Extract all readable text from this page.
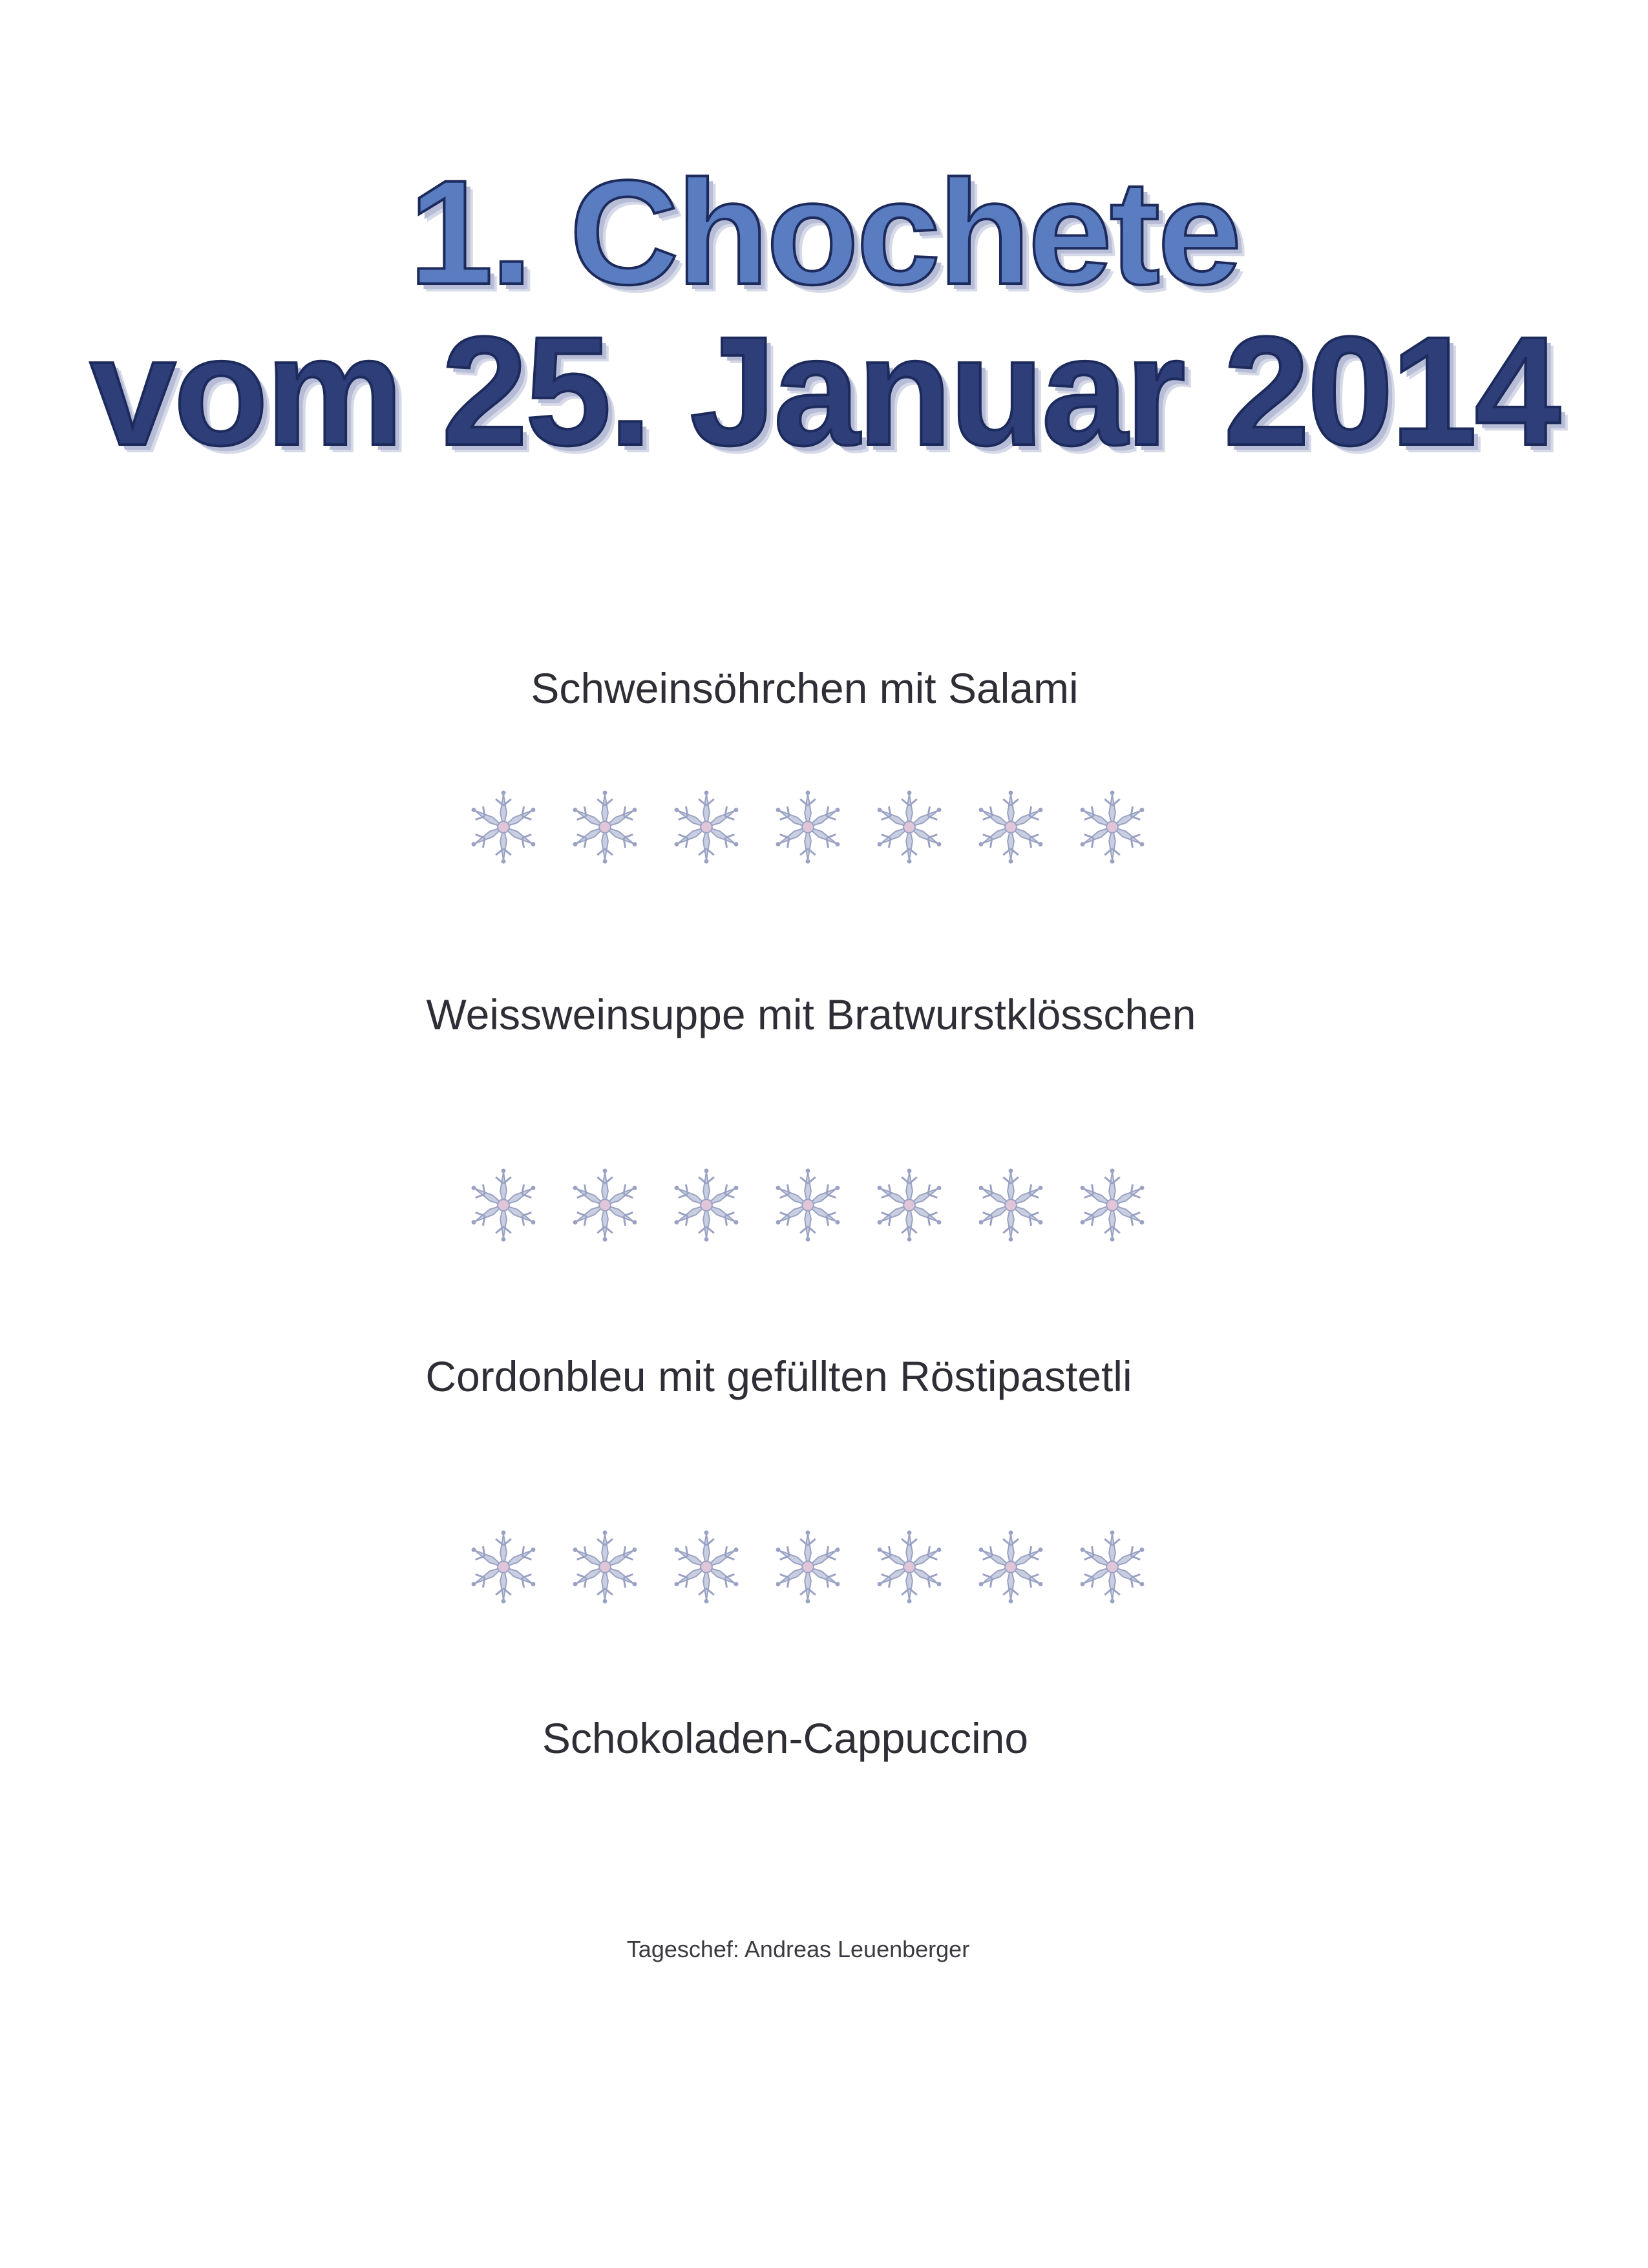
1. Chochete
vom 25. Januar 2014
Schweinsöhrchen mit Salami
Weissweinsuppe mit Bratwurstklösschen
Cordonbleu mit gefüllten Röstipastetli
Schokoladen-Cappuccino
Tageschef: Andreas Leuenberger
